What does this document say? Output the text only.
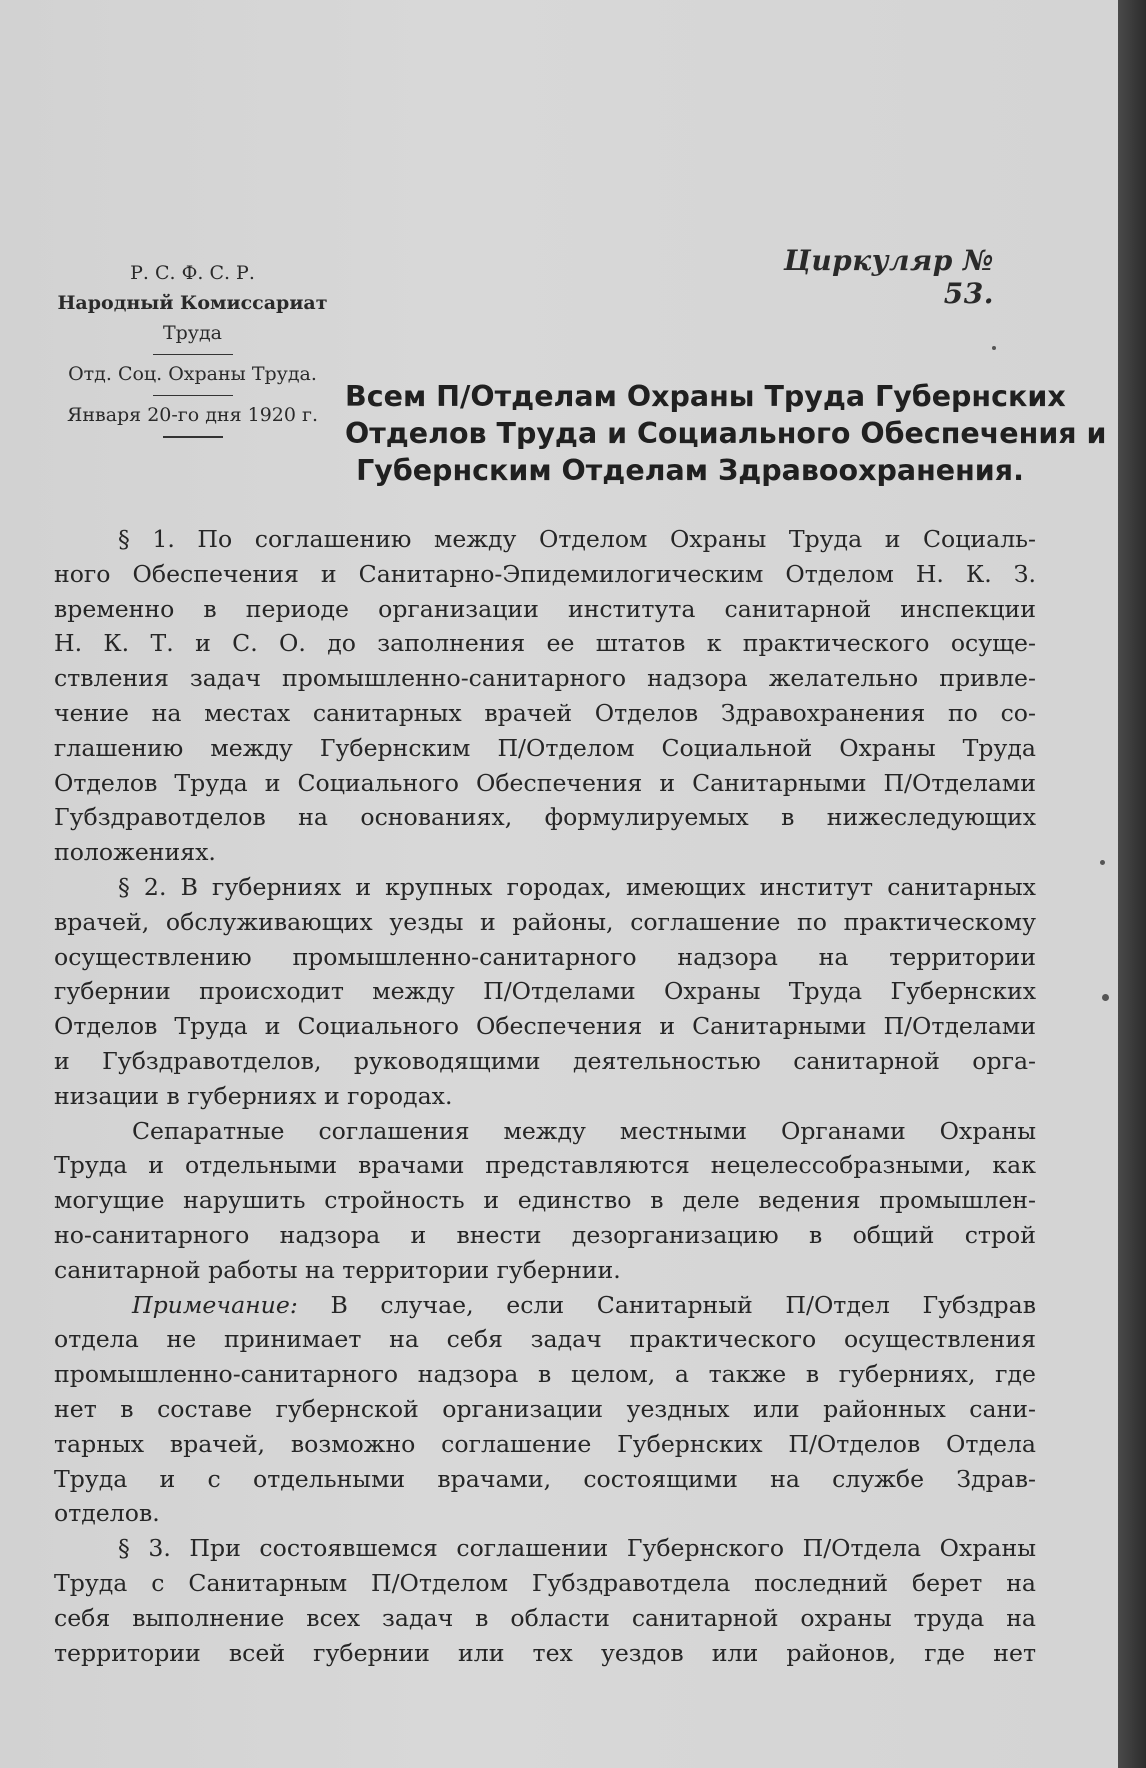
Циркуляр № 53.
Р. С. Ф. С. Р.
Народный Комиссариат
Труда
Отд. Соц. Охраны Труда.
Января 20-го дня 1920 г.
Всем П/Отделам Охраны Труда Губернских
Отделов Труда и Социального Обеспечения и
Губернским Отделам Здравоохранения.
§ 1. По соглашению между Отделом Охраны Труда и Социаль-
ного Обеспечения и Санитарно-Эпидемилогическим Отделом Н. К. З.
временно в периоде организации института санитарной инспекции
Н. К. Т. и С. О. до заполнения ее штатов к практического осуще-
ствления задач промышленно-санитарного надзора желательно привле-
чение на местах санитарных врачей Отделов Здравохранения по со-
глашению между Губернским П/Отделом Социальной Охраны Труда
Отделов Труда и Социального Обеспечения и Санитарными П/Отделами
Губздравотделов на основаниях, формулируемых в нижеследующих
положениях.
§ 2. В губерниях и крупных городах, имеющих институт санитарных
врачей, обслуживающих уезды и районы, соглашение по практическому
осуществлению промышленно-санитарного надзора на территории
губернии происходит между П/Отделами Охраны Труда Губернских
Отделов Труда и Социального Обеспечения и Санитарными П/Отделами
и Губздравотделов, руководящими деятельностью санитарной орга-
низации в губерниях и городах.
Сепаратные соглашения между местными Органами Охраны
Труда и отдельными врачами представляются нецелессобразными, как
могущие нарушить стройность и единство в деле ведения промышлен-
но-санитарного надзора и внести дезорганизацию в общий строй
санитарной работы на территории губернии.
Примечание: В случае, если Санитарный П/Отдел Губздрав
отдела не принимает на себя задач практического осуществления
промышленно-санитарного надзора в целом, а также в губерниях, где
нет в составе губернской организации уездных или районных сани-
тарных врачей, возможно соглашение Губернских П/Отделов Отдела
Труда и с отдельными врачами, состоящими на службе Здрав-
отделов.
§ 3. При состоявшемся соглашении Губернского П/Отдела Охраны
Труда с Санитарным П/Отделом Губздравотдела последний берет на
себя выполнение всех задач в области санитарной охраны труда на
территории всей губернии или тех уездов или районов, где нет
